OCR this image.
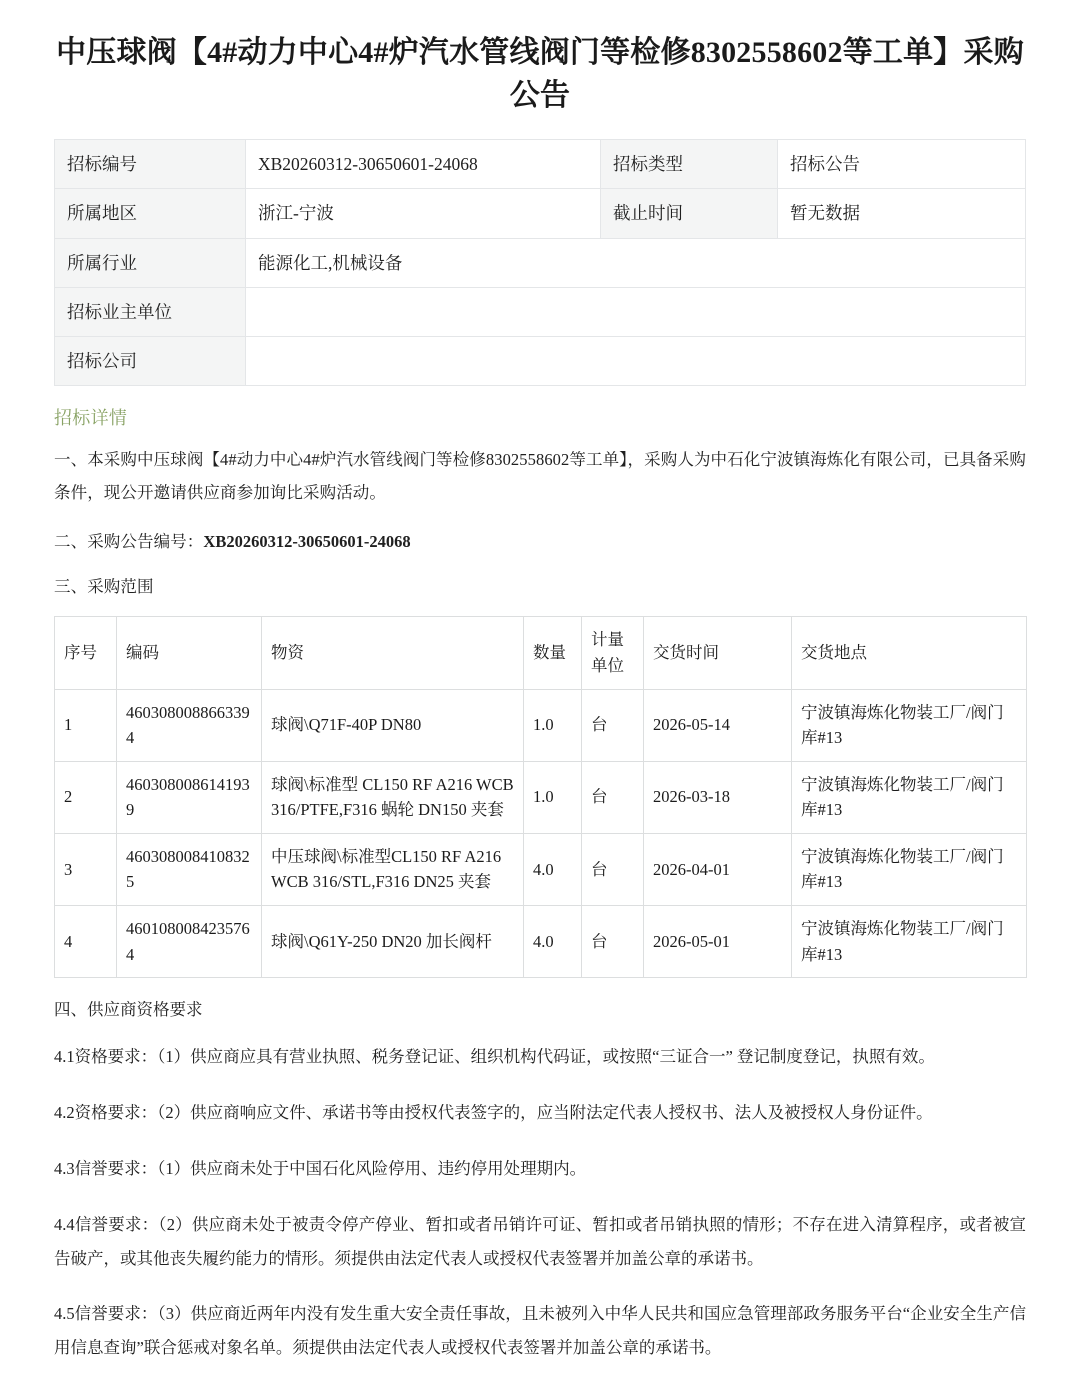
中压球阀【4#动力中心4#炉汽水管线阀门等检修8302558602等工单】采购公告
招标编号	XB20260312-30650601-24068	招标类型	招标公告
所属地区	浙江-宁波	截止时间	暂无数据
所属行业	能源化工,机械设备		
招标业主单位			
招标公司			
招标详情

一、本采购中压球阀【4#动力中心4#炉汽水管线阀门等检修8302558602等工单】，采购人为中石化宁波镇海炼化有限公司，已具备采购条件，现公开邀请供应商参加询比采购活动。

二、采购公告编号：XB20260312-30650601-24068

三、采购范围

序号	编码	物资	数量	计量单位	交货时间	交货地点
1	4603080088663394	球阀\Q71F-40P DN80	1.0	台	2026-05-14	宁波镇海炼化物装工厂/阀门库#13
2	4603080086141939	球阀\标准型 CL150 RF A216 WCB 316/PTFE,F316 蜗轮 DN150 夹套	1.0	台	2026-03-18	宁波镇海炼化物装工厂/阀门库#13
3	4603080084108325	中压球阀\标准型CL150 RF A216 WCB 316/STL,F316 DN25 夹套	4.0	台	2026-04-01	宁波镇海炼化物装工厂/阀门库#13
4	4601080084235764	球阀\Q61Y-250 DN20 加长阀杆	4.0	台	2026-05-01	宁波镇海炼化物装工厂/阀门库#13

四、供应商资格要求

4.1资格要求：（1）供应商应具有营业执照、税务登记证、组织机构代码证，或按照“三证合一” 登记制度登记，执照有效。

4.2资格要求：（2）供应商响应文件、承诺书等由授权代表签字的，应当附法定代表人授权书、法人及被授权人身份证件。

4.3信誉要求：（1）供应商未处于中国石化风险停用、违约停用处理期内。

4.4信誉要求：（2）供应商未处于被责令停产停业、暂扣或者吊销许可证、暂扣或者吊销执照的情形；不存在进入清算程序，或者被宣告破产，或其他丧失履约能力的情形。须提供由法定代表人或授权代表签署并加盖公章的承诺书。

4.5信誉要求：（3）供应商近两年内没有发生重大安全责任事故，且未被列入中华人民共和国应急管理部政务服务平台“企业安全生产信用信息查询”联合惩戒对象名单。须提供由法定代表人或授权代表签署并加盖公章的承诺书。
